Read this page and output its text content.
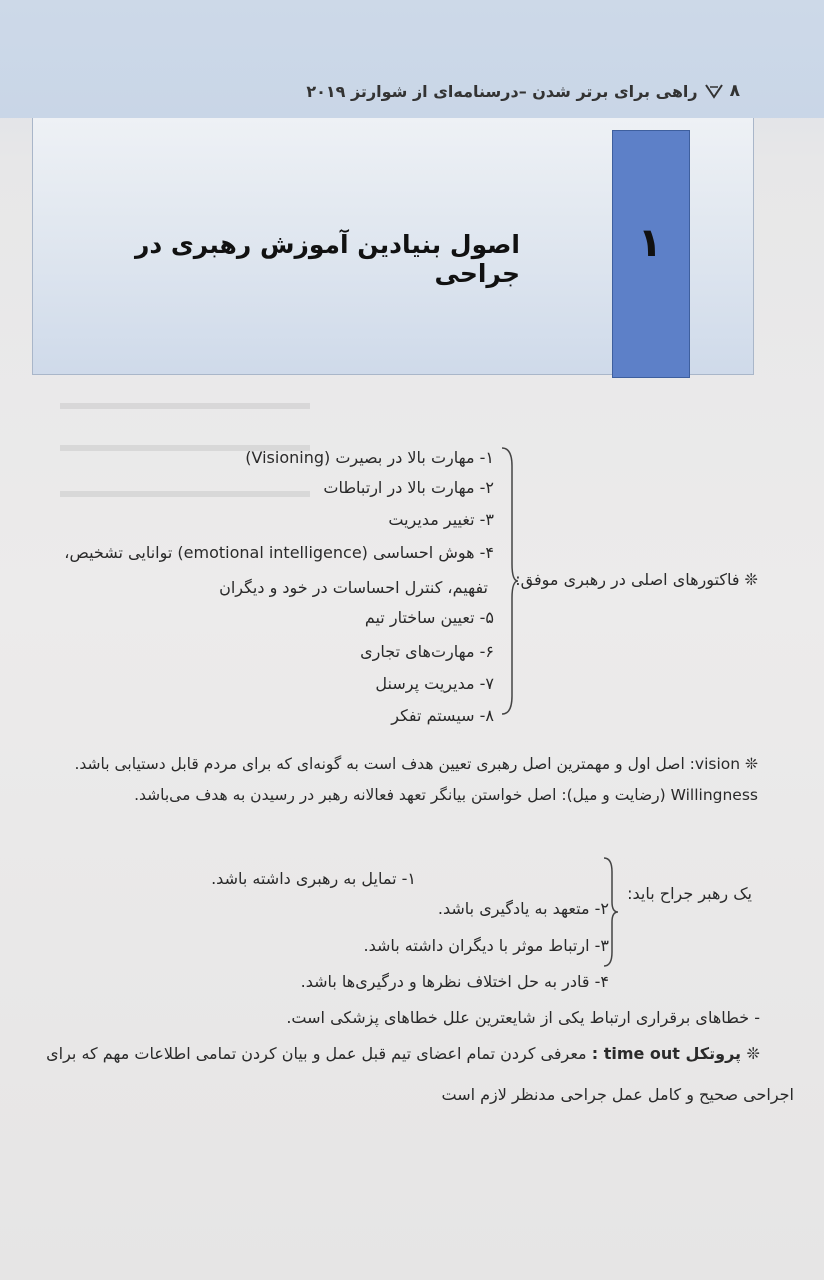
۸
راهی برای برتر شدن –درسنامه‌ای از شوارتز ۲۰۱۹
۱
اصول بنیادین آموزش رهبری در جراحی
۱- مهارت بالا در بصیرت (Visioning)
۲- مهارت بالا در ارتباطات
۳- تغییر مدیریت
۴- هوش احساسی (emotional intelligence) توانایی تشخیص،
تفهیم، کنترل احساسات در خود و دیگران
۵- تعیین ساختار تیم
۶- مهارت‌های تجاری
۷- مدیریت پرسنل
۸- سیستم تفکر
❊ فاکتورهای اصلی در رهبری موفق:
❊ vision: اصل اول و مهمترین اصل رهبری تعیین هدف است به گونه‌ای که برای مردم قابل دستیابی باشد.
Willingness (رضایت و میل): اصل خواستن بیانگر تعهد فعالانه رهبر در رسیدن به هدف می‌باشد.
۱- تمایل به رهبری داشته باشد.
۲- متعهد به یادگیری باشد.
۳- ارتباط موثر با دیگران داشته باشد.
۴- قادر به حل اختلاف نظرها و درگیری‌ها باشد.
یک رهبر جراح باید:
- خطاهای برقراری ارتباط یکی از شایعترین علل خطاهای پزشکی است.
❊ پروتکل time out : معرفی کردن تمام اعضای تیم قبل عمل و بیان کردن تمامی اطلاعات مهم که برای
اجراحی صحیح و کامل عمل جراحی مدنظر لازم است
